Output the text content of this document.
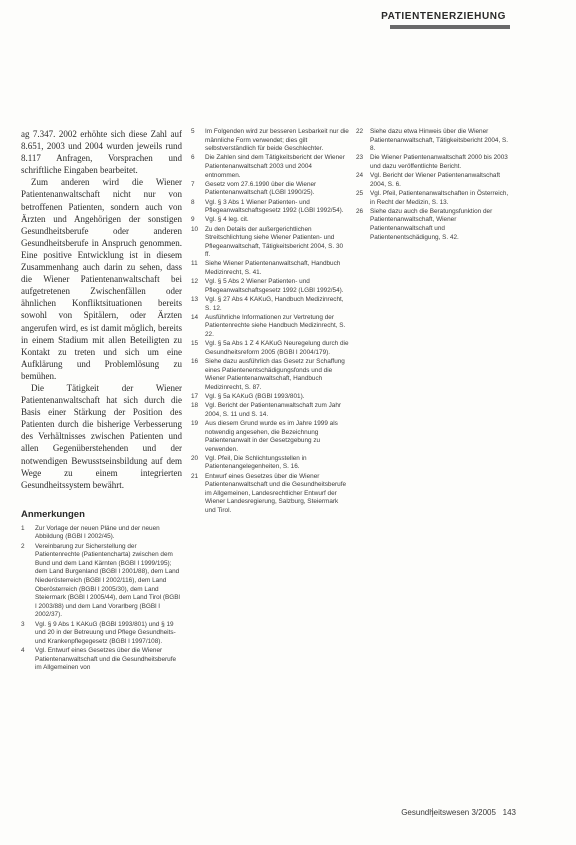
PATIENTENERZIEHUNG

ag 7.347. 2002 erhöhte sich diese Zahl auf 8.651, 2003 und 2004 wurden jeweils rund 8.117 Anfragen, Vorsprachen und schriftliche Eingaben bearbeitet.

Zum anderen wird die Wiener Patientenanwaltschaft nicht nur von betroffenen Patienten, sondern auch von Ärzten und Angehörigen der sonstigen Gesundheitsberufe oder anderen Gesundheitsberufe in Anspruch genommen. Eine positive Entwicklung ist in diesem Zusammenhang auch darin zu sehen, dass die Wiener Patientenanwaltschaft bei aufgetretenen Zwischenfällen oder ähnlichen Konfliktsituationen bereits sowohl von Spitälern, oder Ärzten angerufen wird, es ist damit möglich, bereits in einem Stadium mit allen Beteiligten zu Kontakt zu treten und sich um eine Aufklärung und Problemlösung zu bemühen.

Die Tätigkeit der Wiener Patientenanwaltschaft hat sich durch die Basis einer Stärkung der Position des Patienten durch die bisherige Verbesserung des Verhältnisses zwischen Patienten und allen Gegenüberstehenden und der notwendigen Bewusstseinsbildung auf dem Wege zu einem integrierten Gesundheitssystem bewährt.

Anmerkungen
1	Zur Vorlage der neuen Pläne und der neuen Abbildung (BGBl I 2002/45).
2	Vereinbarung zur Sicherstellung der Patientenrechte (Patientencharta) zwischen dem Bund und dem Land Kärnten (BGBl I 1999/195); dem Land Burgenland (BGBl I 2001/88), dem Land Niederösterreich (BGBl I 2002/116), dem Land Oberösterreich (BGBl I 2005/30), dem Land Steiermark (BGBl I 2005/44), dem Land Tirol (BGBl I 2003/88) und dem Land Vorarlberg (BGBl I 2002/37).
3	Vgl. § 9 Abs 1 KAKuG (BGBl 1993/801) und § 19 und 20 in der Betreuung und Pflege Gesundheits- und Krankenpflegegesetz (BGBl I 1997/108).
4	Vgl. Entwurf eines Gesetzes über die Wiener Patientenanwaltschaft und die Gesundheitsberufe im Allgemeinen von
5	Im Folgenden wird zur besseren Lesbarkeit nur die männliche Form verwendet; dies gilt selbstverständlich für beide Geschlechter.
6	Die Zahlen sind dem Tätigkeitsbericht der Wiener Patientenanwaltschaft 2003 und 2004 entnommen.
7	Gesetz vom 27.6.1990 über die Wiener Patientenanwaltschaft (LGBl 1990/25).
8	Vgl. § 3 Abs 1 Wiener Patienten- und Pflegeanwaltschaftsgesetz 1992 (LGBl 1992/54).
9	Vgl. § 4 leg. cit.
10	Zu den Details der außergerichtlichen Streitschlichtung siehe Wiener Patienten- und Pflegeanwaltschaft, Tätigkeitsbericht 2004, S. 30 ff.
11	Siehe Wiener Patientenanwaltschaft, Handbuch Medizinrecht, S. 41.
12	Vgl. § 5 Abs 2 Wiener Patienten- und Pflegeanwaltschaftsgesetz 1992 (LGBl 1992/54).
13	Vgl. § 27 Abs 4 KAKuG, Handbuch Medizinrecht, S. 12.
14	Ausführliche Informationen zur Vertretung der Patientenrechte siehe Handbuch Medizinrecht, S. 22.
15	Vgl. § 5a Abs 1 Z 4 KAKuG Neuregelung durch die Gesundheitsreform 2005 (BGBl I 2004/179).
16	Siehe dazu ausführlich das Gesetz zur Schaffung eines Patientenentschädigungsfonds und die Wiener Patientenanwaltschaft, Handbuch Medizinrecht, S. 87.
17	Vgl. § 5a KAKuG (BGBl 1993/801).
18	Vgl. Bericht der Patientenanwaltschaft zum Jahr 2004, S. 11 und S. 14.
19	Aus diesem Grund wurde es im Jahre 1999 als notwendig angesehen, die Bezeichnung Patientenanwalt in der Gesetzgebung zu verwenden.
20	Vgl. Pfeil, Die Schlichtungsstellen in Patientenangelegenheiten, S. 16.
21	Entwurf eines Gesetzes über die Wiener Patientenanwaltschaft und die Gesundheitsberufe im Allgemeinen, Landesrechtlicher Entwurf der Wiener Landesregierung, Salzburg, Steiermark und Tirol.
22	Siehe dazu etwa Hinweis über die Wiener Patientenanwaltschaft, Tätigkeitsbericht 2004, S. 8.
23	Die Wiener Patientenanwaltschaft 2000 bis 2003 und dazu veröffentlichte Bericht.
24	Vgl. Bericht der Wiener Patientenanwaltschaft 2004, S. 6.
25	Vgl. Pfeil, Patientenanwaltschaften in Österreich, in Recht der Medizin, S. 13.
26	Siehe dazu auch die Beratungsfunktion der Patientenanwaltschaft, Wiener Patientenanwaltschaft und Patientenentschädigung, S. 42.
Gesundheitswesen 3/2005 143
